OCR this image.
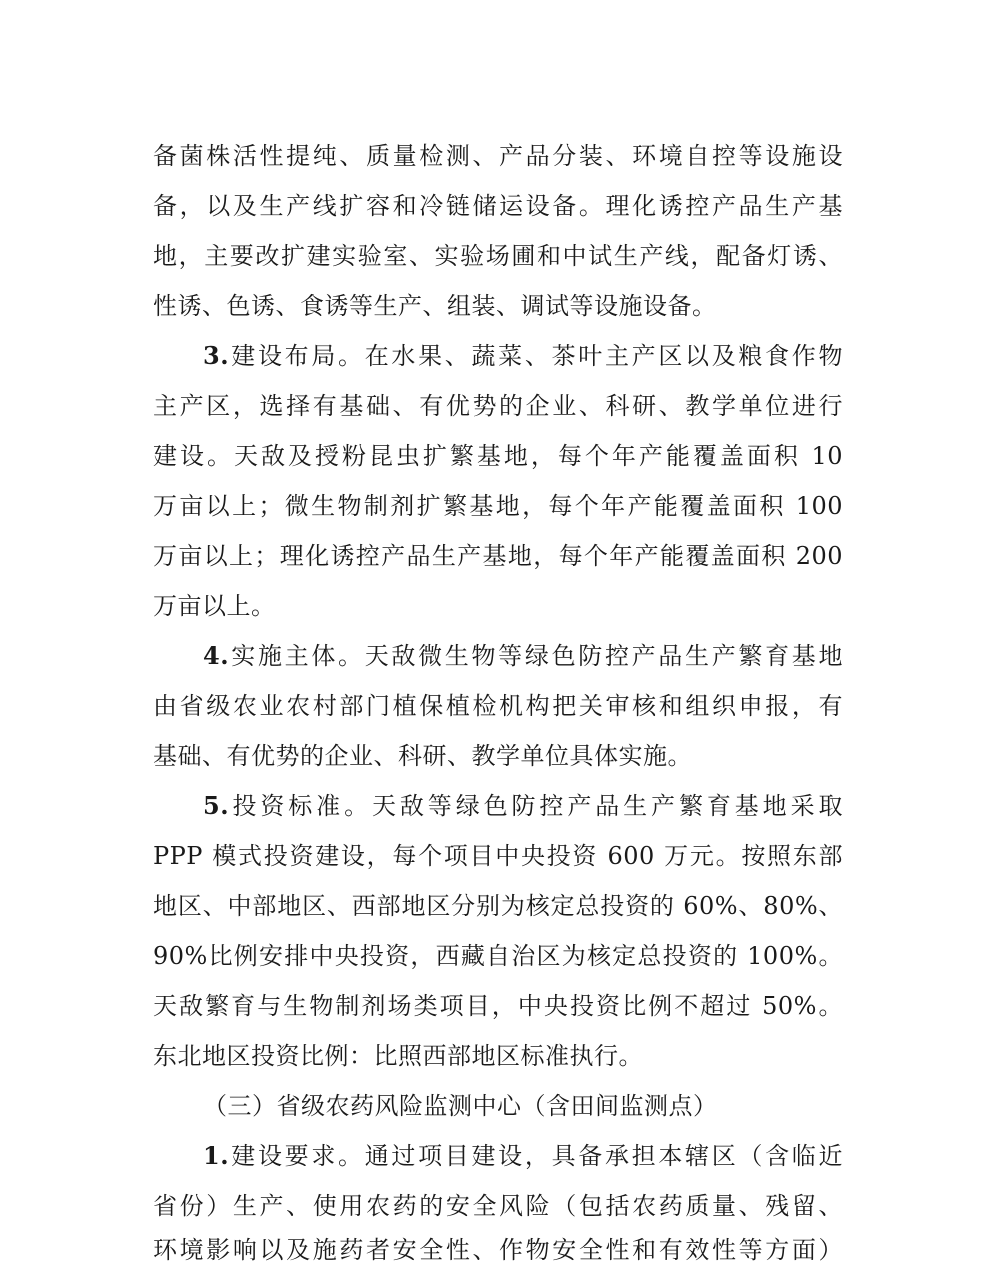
备菌株活性提纯、质量检测、产品分装、环境自控等设施设
备，以及生产线扩容和冷链储运设备。理化诱控产品生产基
地，主要改扩建实验室、实验场圃和中试生产线，配备灯诱、
性诱、色诱、食诱等生产、组装、调试等设施设备。
3.建设布局。在水果、蔬菜、茶叶主产区以及粮食作物
主产区，选择有基础、有优势的企业、科研、教学单位进行
建设。天敌及授粉昆虫扩繁基地，每个年产能覆盖面积 10
万亩以上；微生物制剂扩繁基地，每个年产能覆盖面积 100
万亩以上；理化诱控产品生产基地，每个年产能覆盖面积 200
万亩以上。
4.实施主体。天敌微生物等绿色防控产品生产繁育基地
由省级农业农村部门植保植检机构把关审核和组织申报，有
基础、有优势的企业、科研、教学单位具体实施。
5.投资标准。天敌等绿色防控产品生产繁育基地采取
PPP 模式投资建设，每个项目中央投资 600 万元。按照东部
地区、中部地区、西部地区分别为核定总投资的 60%、80%、
90%比例安排中央投资，西藏自治区为核定总投资的 100%。
天敌繁育与生物制剂场类项目，中央投资比例不超过 50%。
东北地区投资比例：比照西部地区标准执行。
（三）省级农药风险监测中心（含田间监测点）
1.建设要求。通过项目建设，具备承担本辖区（含临近
省份）生产、使用农药的安全风险（包括农药质量、残留、
环境影响以及施药者安全性、作物安全性和有效性等方面）
